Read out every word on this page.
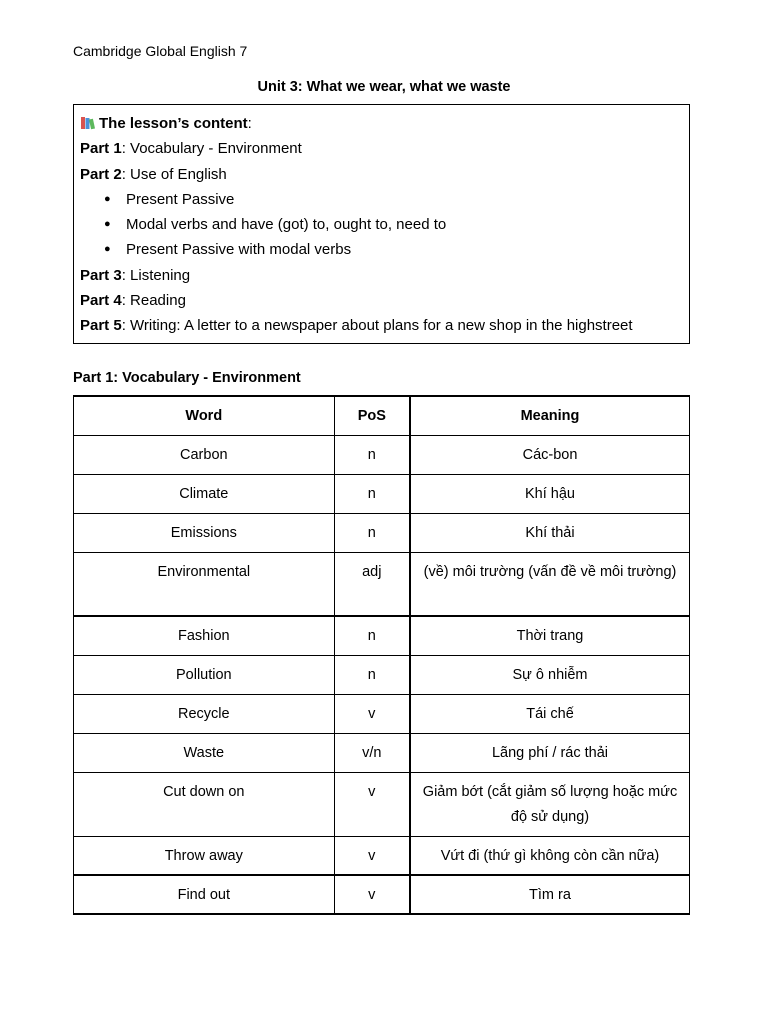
Cambridge Global English 7
Unit 3: What we wear, what we waste
The lesson’s content:
Part 1: Vocabulary - Environment
Part 2: Use of English
● Present Passive
● Modal verbs and have (got) to, ought to, need to
● Present Passive with modal verbs
Part 3: Listening
Part 4: Reading
Part 5: Writing: A letter to a newspaper about plans for a new shop in the highstreet
Part 1: Vocabulary - Environment
Word	PoS	Meaning
Carbon	n	Các-bon
Climate	n	Khí hậu
Emissions	n	Khí thải
Environmental	adj	(về) môi trường (vấn đề về môi trường)
Fashion	n	Thời trang
Pollution	n	Sự ô nhiễm
Recycle	v	Tái chế
Waste	v/n	Lãng phí / rác thải
Cut down on	v	Giảm bớt (cắt giảm số lượng hoặc mức độ sử dụng)
Throw away	v	Vứt đi (thứ gì không còn cần nữa)
Find out	v	Tìm ra
